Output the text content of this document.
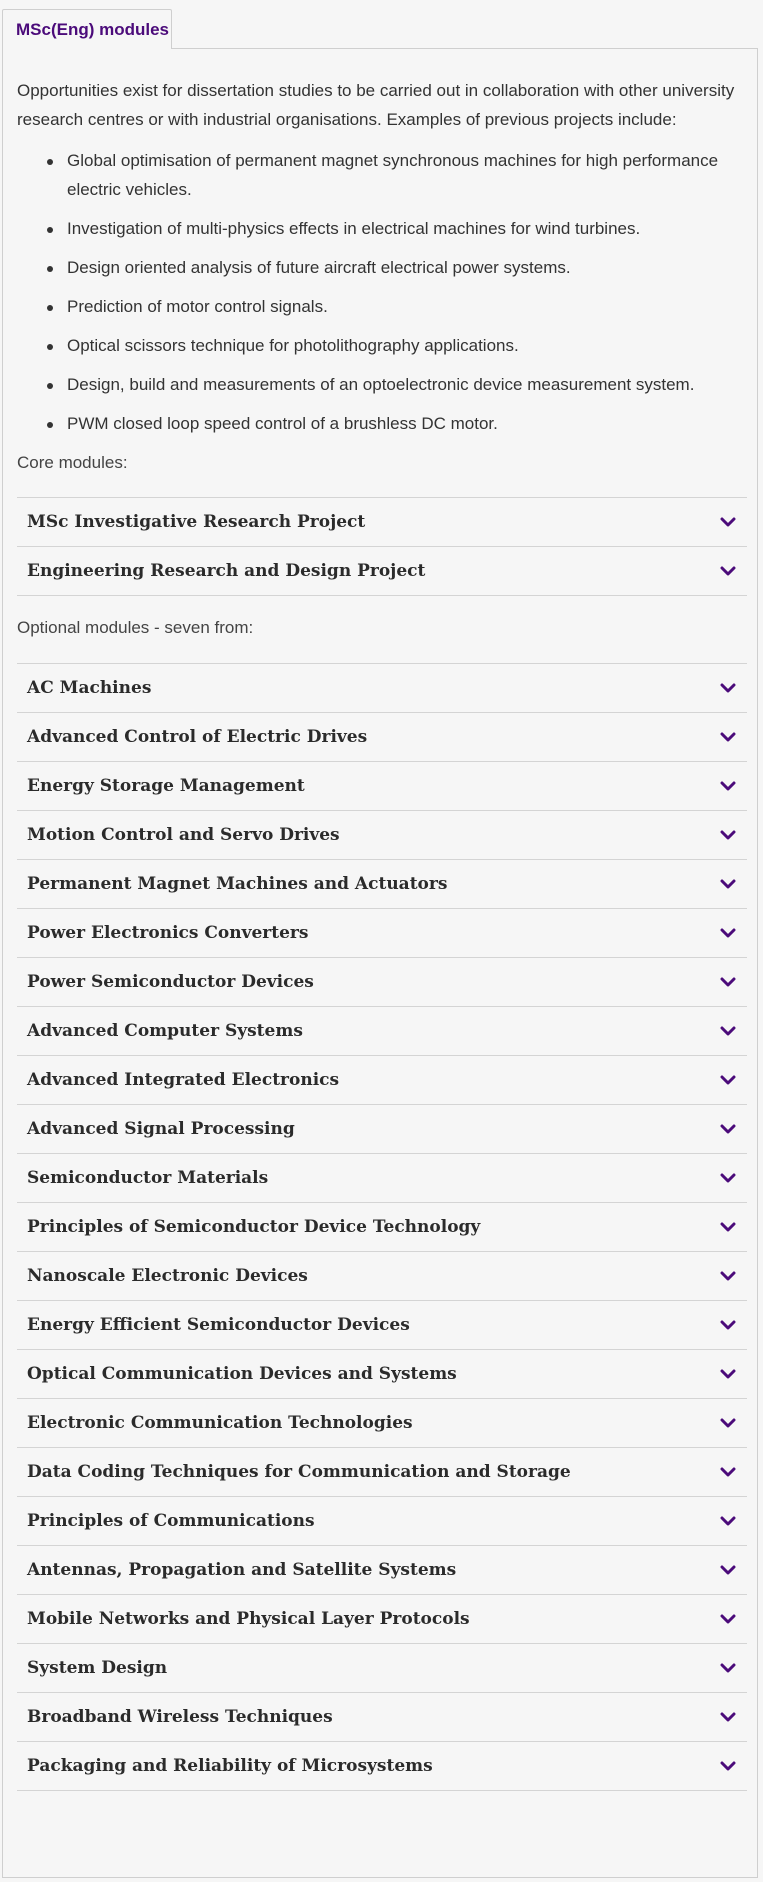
MSc(Eng) modules

Opportunities exist for dissertation studies to be carried out in collaboration with other university research centres or with industrial organisations. Examples of previous projects include:

Global optimisation of permanent magnet synchronous machines for high performance electric vehicles.
Investigation of multi-physics effects in electrical machines for wind turbines.
Design oriented analysis of future aircraft electrical power systems.
Prediction of motor control signals.
Optical scissors technique for photolithography applications.
Design, build and measurements of an optoelectronic device measurement system.
PWM closed loop speed control of a brushless DC motor.
Core modules:
MSc Investigative Research Project
Engineering Research and Design Project
Optional modules - seven from:
AC Machines
Advanced Control of Electric Drives
Energy Storage Management
Motion Control and Servo Drives
Permanent Magnet Machines and Actuators
Power Electronics Converters
Power Semiconductor Devices
Advanced Computer Systems
Advanced Integrated Electronics
Advanced Signal Processing
Semiconductor Materials
Principles of Semiconductor Device Technology
Nanoscale Electronic Devices
Energy Efficient Semiconductor Devices
Optical Communication Devices and Systems
Electronic Communication Technologies
Data Coding Techniques for Communication and Storage
Principles of Communications
Antennas, Propagation and Satellite Systems
Mobile Networks and Physical Layer Protocols
System Design
Broadband Wireless Techniques
Packaging and Reliability of Microsystems
